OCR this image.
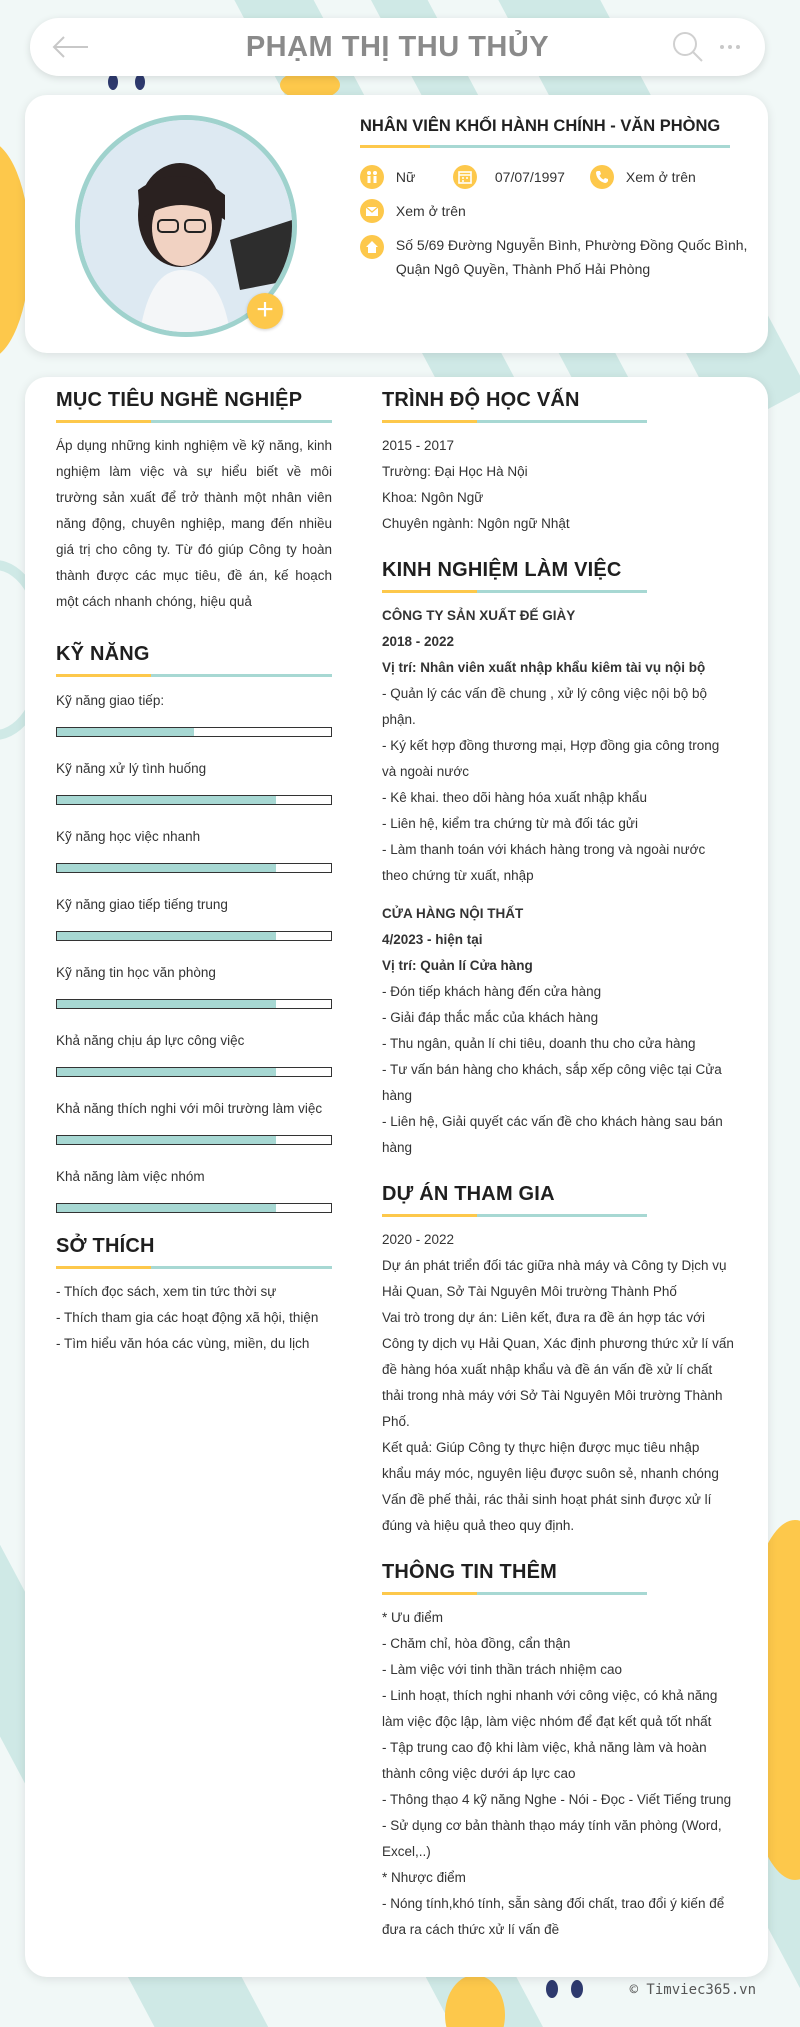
PHẠM THỊ THU THỦY
+
NHÂN VIÊN KHỐI HÀNH CHÍNH - VĂN PHÒNG
Nữ	07/07/1997	Xem ở trên
Xem ở trên
Số 5/69 Đường Nguyễn Bình, Phường Đồng Quốc Bình,
Quận Ngô Quyền, Thành Phố Hải Phòng
MỤC TIÊU NGHỀ NGHIỆP

Áp dụng những kinh nghiệm về kỹ năng, kinh nghiệm làm việc và sự hiểu biết về môi trường sản xuất để trở thành một nhân viên năng động, chuyên nghiệp, mang đến nhiều giá trị cho công ty. Từ đó giúp Công ty hoàn thành được các mục tiêu, đề án, kế hoạch một cách nhanh chóng, hiệu quả

KỸ NĂNG

Kỹ năng giao tiếp:

Kỹ năng xử lý tình huống

Kỹ năng học việc nhanh

Kỹ năng giao tiếp tiếng trung

Kỹ năng tin học văn phòng

Khả năng chịu áp lực công việc

Khả năng thích nghi với môi trường làm việc

Khả năng làm việc nhóm

SỞ THÍCH

- Thích đọc sách, xem tin tức thời sự

- Thích tham gia các hoạt động xã hội, thiện

- Tìm hiểu văn hóa các vùng, miền, du lịch

TRÌNH ĐỘ HỌC VẤN

2015 - 2017

Trường: Đại Học Hà Nội

Khoa: Ngôn Ngữ

Chuyên ngành: Ngôn ngữ Nhật

KINH NGHIỆM LÀM VIỆC

CÔNG TY SẢN XUẤT ĐẾ GIÀY

2018 - 2022

Vị trí: Nhân viên xuất nhập khẩu kiêm tài vụ nội bộ

- Quản lý các vấn đề chung , xử lý công việc nội bộ bộ

phận.

- Ký kết hợp đồng thương mại, Hợp đồng gia công trong

và ngoài nước

- Kê khai. theo dõi hàng hóa xuất nhập khẩu

- Liên hệ, kiểm tra chứng từ mà đối tác gửi

- Làm thanh toán với khách hàng trong và ngoài nước

theo chứng từ xuất, nhập

CỬA HÀNG NỘI THẤT

4/2023 - hiện tại

Vị trí: Quản lí Cửa hàng

- Đón tiếp khách hàng đến cửa hàng

- Giải đáp thắc mắc của khách hàng

- Thu ngân, quản lí chi tiêu, doanh thu cho cửa hàng

- Tư vấn bán hàng cho khách, sắp xếp công việc tại Cửa

hàng

- Liên hệ, Giải quyết các vấn đề cho khách hàng sau bán

hàng

DỰ ÁN THAM GIA

2020 - 2022

Dự án phát triển đối tác giữa nhà máy và Công ty Dịch vụ

Hải Quan, Sở Tài Nguyên Môi trường Thành Phố

Vai trò trong dự án: Liên kết, đưa ra đề án hợp tác với

Công ty dịch vụ Hải Quan, Xác định phương thức xử lí vấn

đề hàng hóa xuất nhập khẩu và đề án vấn đề xử lí chất

thải trong nhà máy với Sở Tài Nguyên Môi trường Thành

Phố.

Kết quả: Giúp Công ty thực hiện được mục tiêu nhập

khẩu máy móc, nguyên liệu được suôn sẻ, nhanh chóng

Vấn đề phế thải, rác thải sinh hoạt phát sinh được xử lí

đúng và hiệu quả theo quy định.

THÔNG TIN THÊM

* Ưu điểm

- Chăm chỉ, hòa đồng, cẩn thận

- Làm việc với tinh thần trách nhiệm cao

- Linh hoạt, thích nghi nhanh với công việc, có khả năng

làm việc độc lập, làm việc nhóm để đạt kết quả tốt nhất

- Tập trung cao độ khi làm việc, khả năng làm và hoàn

thành công việc dưới áp lực cao

- Thông thạo 4 kỹ năng Nghe - Nói - Đọc - Viết Tiếng trung

- Sử dụng cơ bản thành thạo máy tính văn phòng (Word,

Excel,..)

* Nhược điểm

- Nóng tính,khó tính, sẵn sàng đối chất, trao đổi ý kiến để

đưa ra cách thức xử lí vấn đề

© Timviec365.vn
